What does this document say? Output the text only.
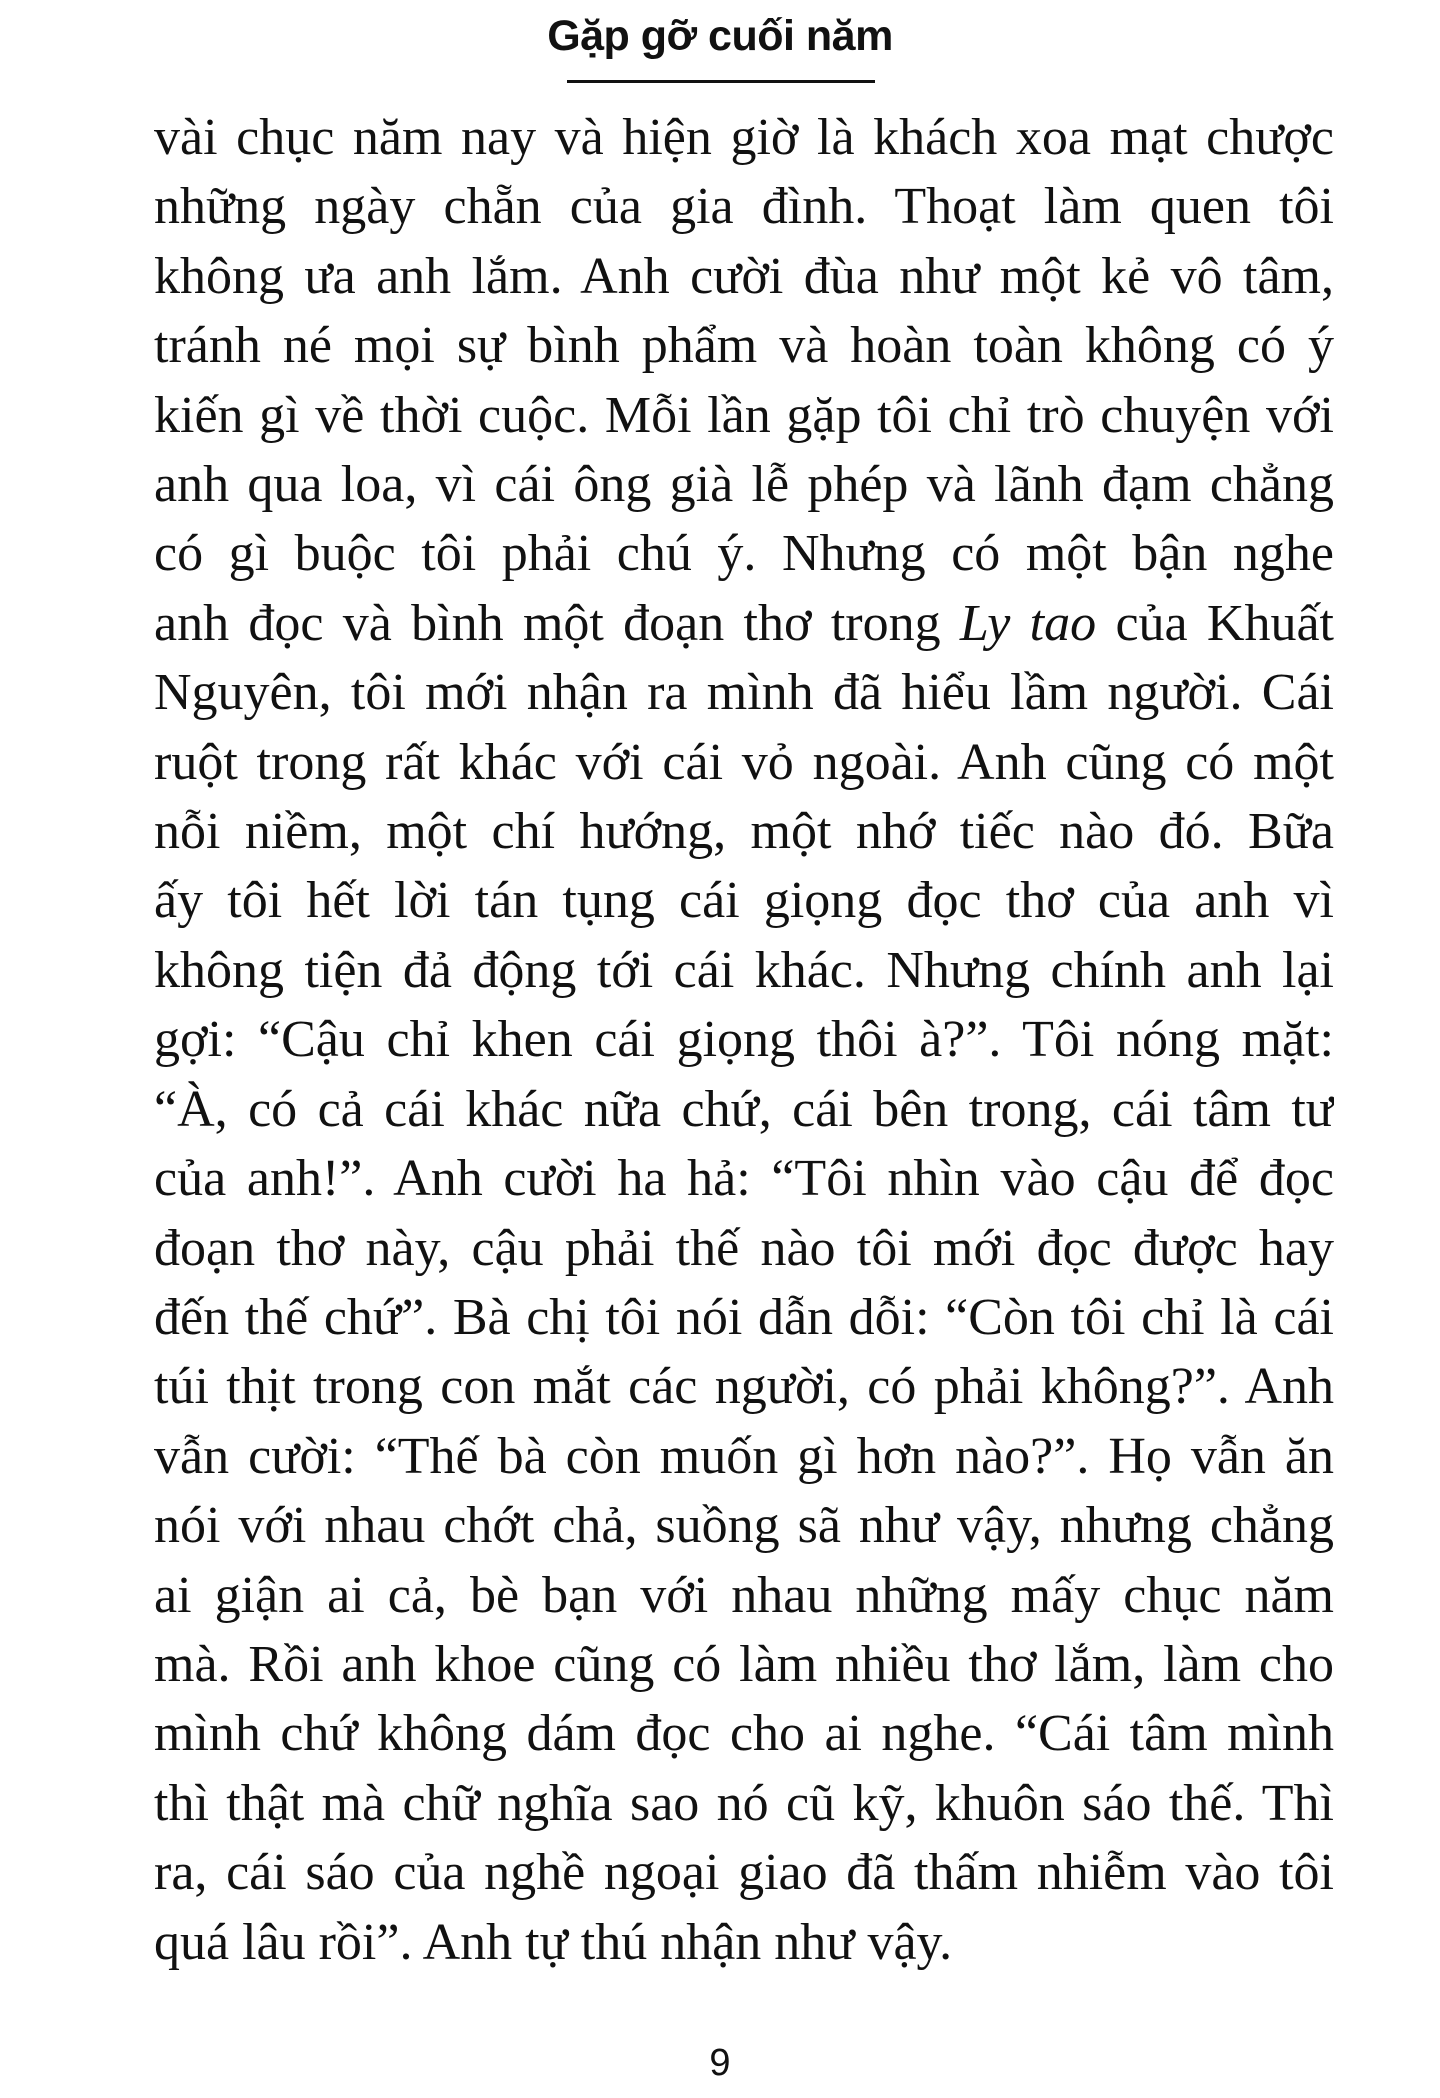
Gặp gỡ cuối năm
vài chục năm nay và hiện giờ là khách xoa mạt chược
những ngày chẵn của gia đình. Thoạt làm quen tôi
không ưa anh lắm. Anh cười đùa như một kẻ vô tâm,
tránh né mọi sự bình phẩm và hoàn toàn không có ý
kiến gì về thời cuộc. Mỗi lần gặp tôi chỉ trò chuyện với
anh qua loa, vì cái ông già lễ phép và lãnh đạm chẳng
có gì buộc tôi phải chú ý. Nhưng có một bận nghe
anh đọc và bình một đoạn thơ trong Ly tao của Khuất
Nguyên, tôi mới nhận ra mình đã hiểu lầm người. Cái
ruột trong rất khác với cái vỏ ngoài. Anh cũng có một
nỗi niềm, một chí hướng, một nhớ tiếc nào đó. Bữa
ấy tôi hết lời tán tụng cái giọng đọc thơ của anh vì
không tiện đả động tới cái khác. Nhưng chính anh lại
gợi: “Cậu chỉ khen cái giọng thôi à?”. Tôi nóng mặt:
“À, có cả cái khác nữa chứ, cái bên trong, cái tâm tư
của anh!”. Anh cười ha hả: “Tôi nhìn vào cậu để đọc
đoạn thơ này, cậu phải thế nào tôi mới đọc được hay
đến thế chứ”. Bà chị tôi nói dẫn dỗi: “Còn tôi chỉ là cái
túi thịt trong con mắt các người, có phải không?”. Anh
vẫn cười: “Thế bà còn muốn gì hơn nào?”. Họ vẫn ăn
nói với nhau chớt chả, suồng sã như vậy, nhưng chẳng
ai giận ai cả, bè bạn với nhau những mấy chục năm
mà. Rồi anh khoe cũng có làm nhiều thơ lắm, làm cho
mình chứ không dám đọc cho ai nghe. “Cái tâm mình
thì thật mà chữ nghĩa sao nó cũ kỹ, khuôn sáo thế. Thì
ra, cái sáo của nghề ngoại giao đã thấm nhiễm vào tôi
quá lâu rồi”. Anh tự thú nhận như vậy.
9
